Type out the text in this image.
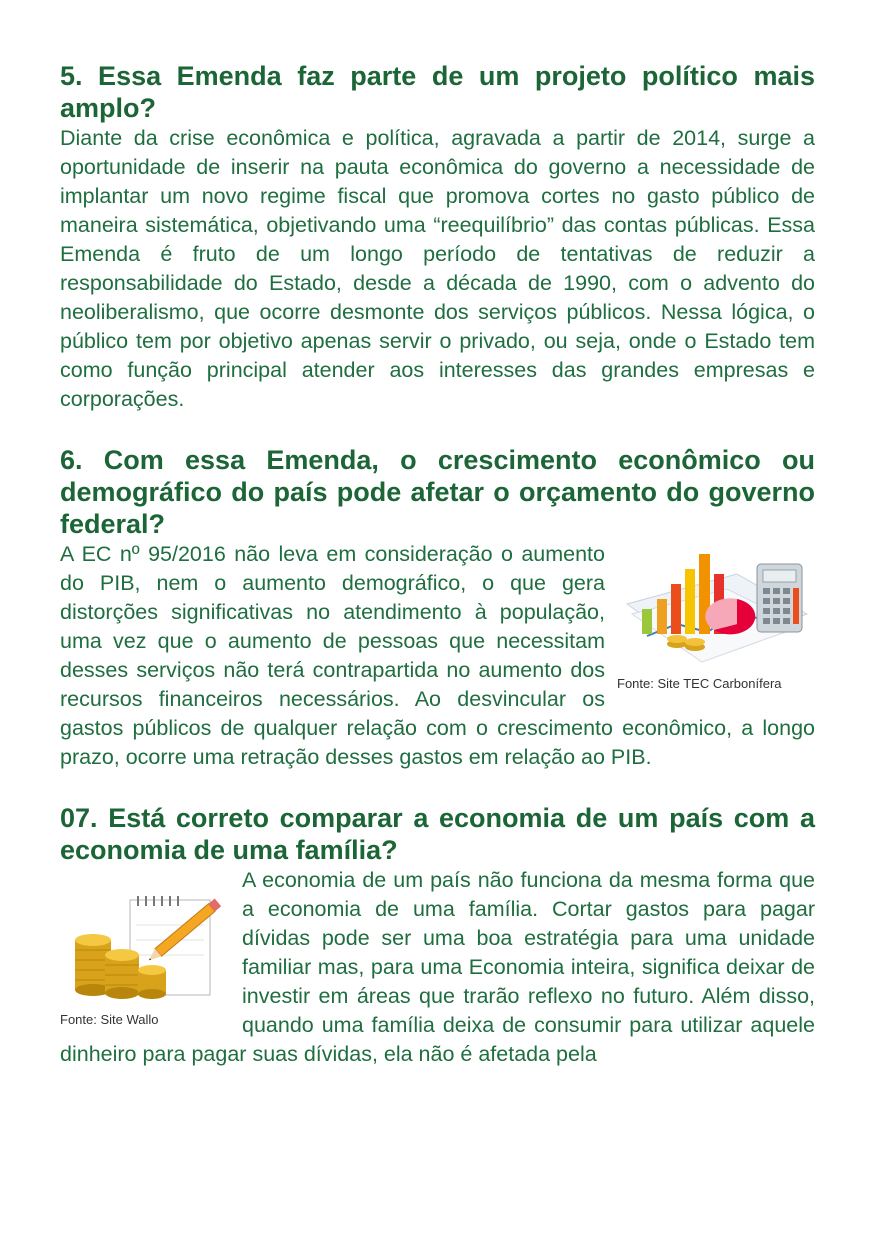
5. Essa Emenda faz parte de um projeto político mais amplo?

Diante da crise econômica e política, agravada a partir de 2014, surge a oportunidade de inserir na pauta econômica do governo a necessidade de implantar um novo regime fiscal que promova cortes no gasto público de maneira sistemática, objetivando uma “reequilíbrio” das contas públicas. Essa Emenda é fruto de um longo período de tentativas de reduzir a responsabilidade do Estado, desde a década de 1990, com o advento do neoliberalismo, que ocorre desmonte dos serviços públicos. Nessa lógica, o público tem por objetivo apenas servir o privado, ou seja, onde o Estado tem como função principal atender aos interesses das grandes empresas e corporações.

6. Com essa Emenda, o crescimento econômico ou demográfico do país pode afetar o orçamento do governo federal?
Fonte: Site TEC Carbonífera

A EC nº 95/2016 não leva em consideração o aumento do PIB, nem o aumento demográfico, o que gera distorções significativas no atendimento à população, uma vez que o aumento de pessoas que necessitam desses serviços não terá contrapartida no aumento dos recursos financeiros necessários. Ao desvincular os gastos públicos de qualquer relação com o crescimento econômico, a longo prazo, ocorre uma retração desses gastos em relação ao PIB.

07. Está correto comparar a economia de um país com a economia de uma família?
Fonte: Site Wallo

A economia de um país não funciona da mesma forma que a economia de uma família. Cortar gastos para pagar dívidas pode ser uma boa estratégia para uma unidade familiar mas, para uma Economia inteira, significa deixar de investir em áreas que trarão reflexo no futuro. Além disso, quando uma família deixa de consumir para utilizar aquele dinheiro para pagar suas dívidas, ela não é afetada pela
